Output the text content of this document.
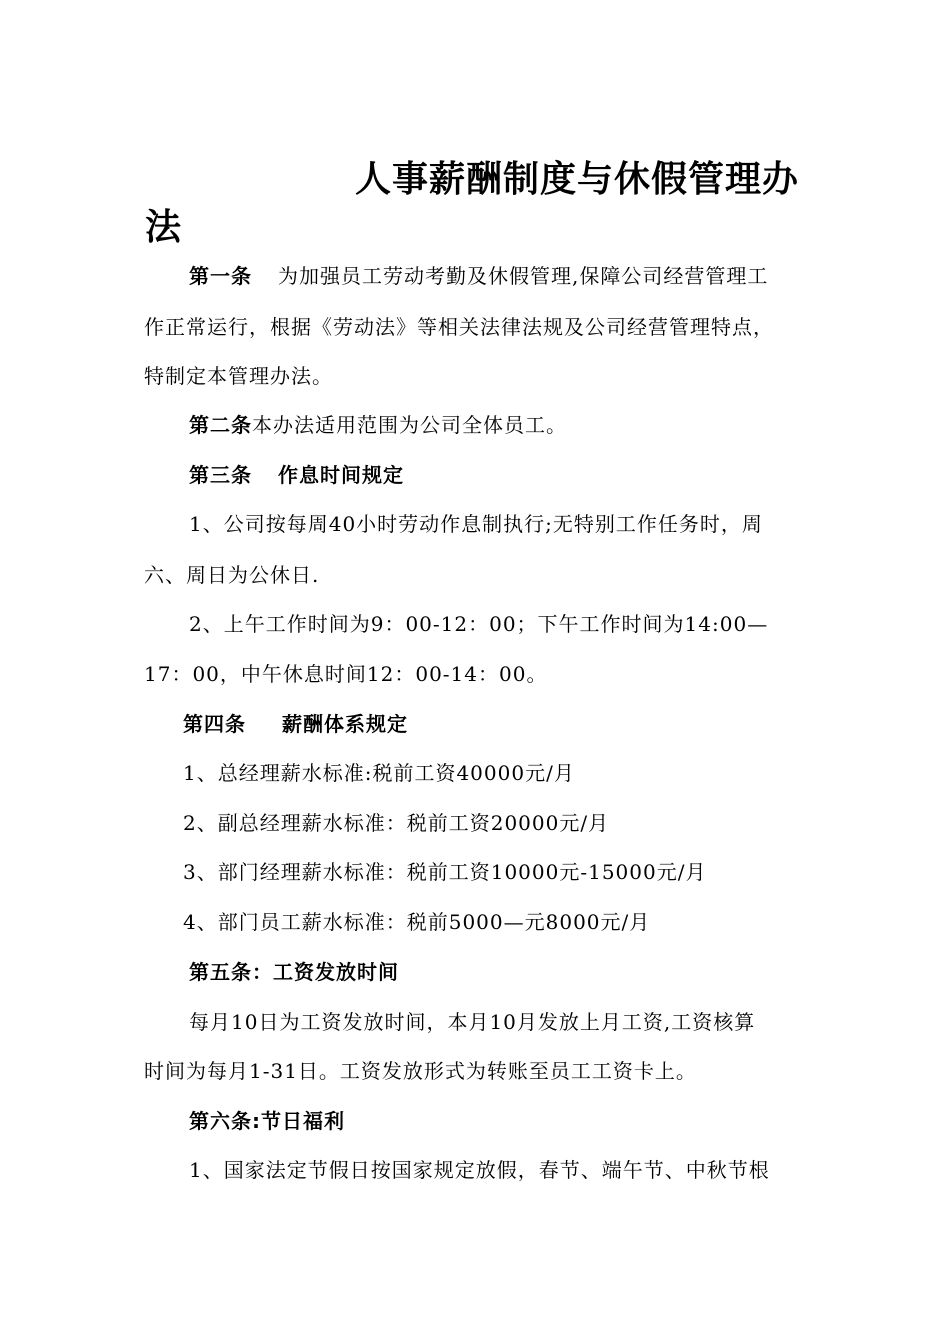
人事薪酬制度与休假管理办
法
第一条 为加强员工劳动考勤及休假管理,保障公司经营管理工
作正常运行，根据《劳动法》等相关法律法规及公司经营管理特点，
特制定本管理办法。
第二条本办法适用范围为公司全体员工。
第三条 作息时间规定
1、公司按每周40小时劳动作息制执行;无特别工作任务时，周
六、周日为公休日.
2、上午工作时间为9：00-12：00；下午工作时间为14:00—
17：00，中午休息时间12：00-14：00。
第四条 薪酬体系规定
1、总经理薪水标准:税前工资40000元/月
2、副总经理薪水标准：税前工资20000元/月
3、部门经理薪水标准：税前工资10000元-15000元/月
4、部门员工薪水标准：税前5000—元8000元/月
第五条：工资发放时间
每月10日为工资发放时间，本月10月发放上月工资,工资核算
时间为每月1-31日。工资发放形式为转账至员工工资卡上。
第六条:节日福利
1、国家法定节假日按国家规定放假，春节、端午节、中秋节根
